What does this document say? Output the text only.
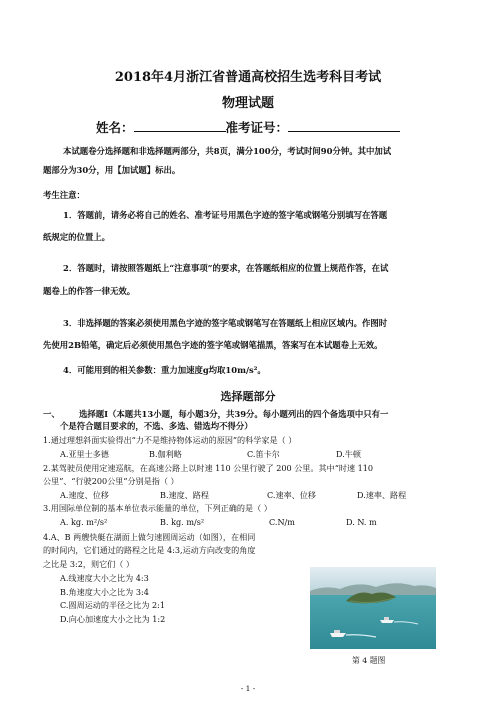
2018年4月浙江省普通高校招生选考科目考试
物理试题
姓名：	准考证号：
本试题卷分选择题和非选择题两部分，共8页，满分100分，考试时间90分钟。其中加试
题部分为30分，用【加试题】标出。
考生注意：
1．答题前，请务必将自己的姓名、准考证号用黑色字迹的签字笔或钢笔分别填写在答题
纸规定的位置上。
2．答题时，请按照答题纸上“注意事项”的要求，在答题纸相应的位置上规范作答，在试
题卷上的作答一律无效。
3．非选择题的答案必须使用黑色字迹的签字笔或钢笔写在答题纸上相应区域内。作图时
先使用2B铅笔，确定后必须使用黑色字迹的签字笔或钢笔描黑，答案写在本试题卷上无效。
4．可能用到的相关参数：重力加速度g均取10m/s²。
选择题部分
一、 选择题Ⅰ（本题共13小题，每小题3分，共39分。每小题列出的四个备选项中只有一
个是符合题目要求的，不选、多选、错选均不得分）
1.通过理想斜面实验得出“力不是维持物体运动的原因”的科学家是（ ）
A.亚里士多德	B.伽利略	C.笛卡尔	D.牛顿
2.某驾驶员使用定速巡航，在高速公路上以时速 110 公里行驶了 200 公里。其中“时速 110
公里”、“行驶200公里”分别是指（ ）
A.速度、位移	B.速度、路程	C.速率、位移	D.速率、路程
3.用国际单位制的基本单位表示能量的单位，下列正确的是（ ）
A. kg. m²/s²	B. kg. m/s²	C.N/m	D. N. m
4.A、B 两艘快艇在湖面上做匀速圆周运动（如图），在相同
的时间内，它们通过的路程之比是 4:3,运动方向改变的角度
之比是 3:2，则它们（ ）
A.线速度大小之比为 4:3
B.角速度大小之比为 3:4
C.圆周运动的半径之比为 2:1
D.向心加速度大小之比为 1:2
第 4 题图
- 1 -
